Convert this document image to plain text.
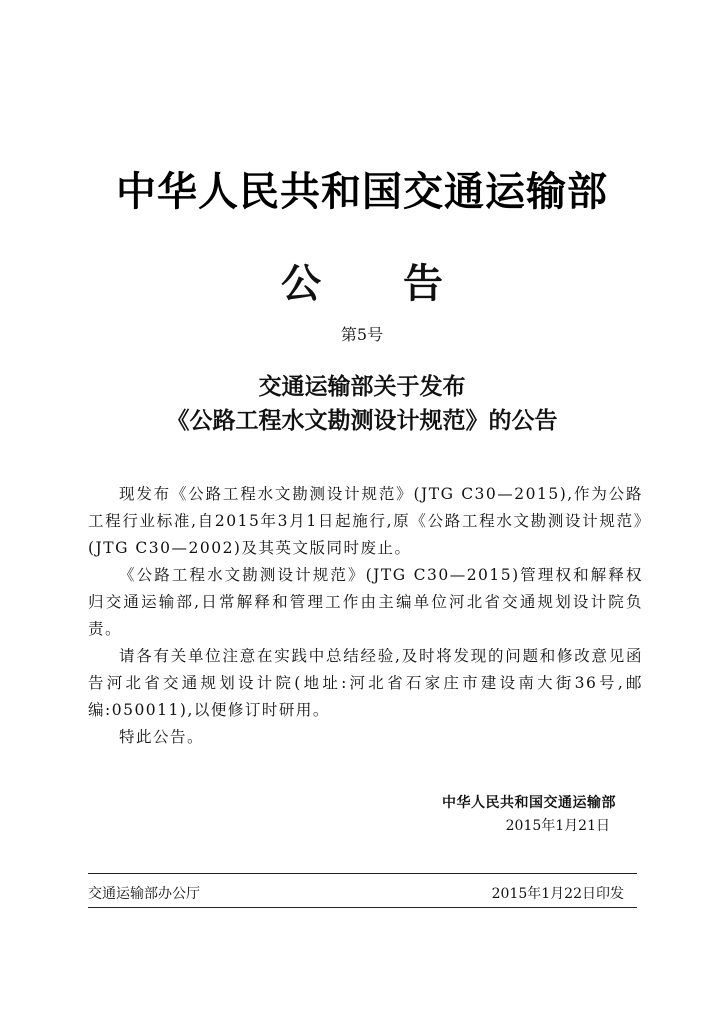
中华人民共和国交通运输部
公 告
第5号
交通运输部关于发布
《公路工程水文勘测设计规范》的公告

现发布《公路工程水文勘测设计规范》(JTG C30—2015),作为公路工程行业标准,自2015年3月1日起施行,原《公路工程水文勘测设计规范》(JTG C30—2002)及其英文版同时废止。

《公路工程水文勘测设计规范》(JTG C30—2015)管理权和解释权归交通运输部,日常解释和管理工作由主编单位河北省交通规划设计院负责。

请各有关单位注意在实践中总结经验,及时将发现的问题和修改意见函告河北省交通规划设计院(地址:河北省石家庄市建设南大街36号,邮编:050011),以便修订时研用。

特此公告。

中华人民共和国交通运输部
2015年1月21日
交通运输部办公厅	2015年1月22日印发
